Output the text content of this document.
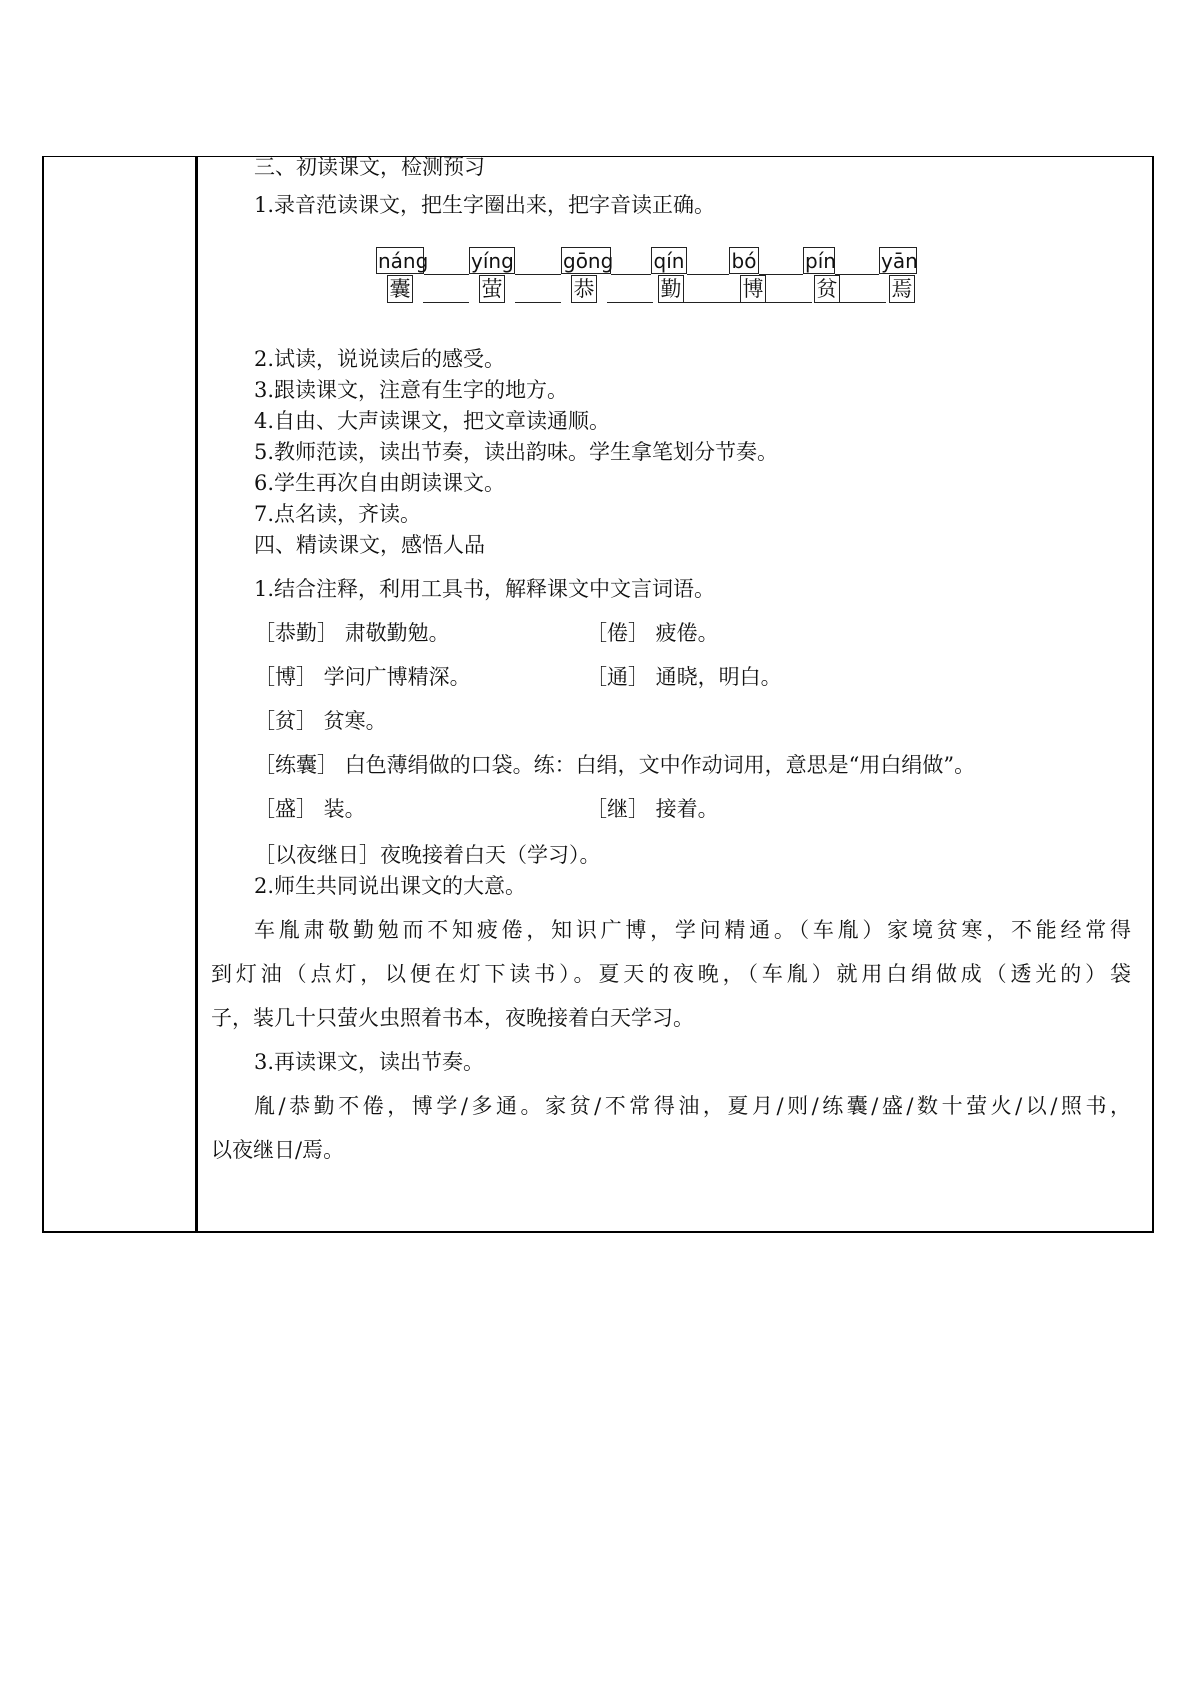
三、初读课文，检测预习
1.录音范读课文，把生字圈出来，把字音读正确。
náng yíng gōng qín bó pín yān
囊	萤	恭	勤	博	贫	焉
2.试读，说说读后的感受。
3.跟读课文，注意有生字的地方。
4.自由、大声读课文，把文章读通顺。
5.教师范读，读出节奏，读出韵味。学生拿笔划分节奏。
6.学生再次自由朗读课文。
7.点名读，齐读。
四、精读课文，感悟人品
1.结合注释，利用工具书，解释课文中文言词语。
［恭勤］ 肃敬勤勉。	［倦］ 疲倦。
［博］ 学问广博精深。	［通］ 通晓，明白。
［贫］ 贫寒。
［练囊］ 白色薄绢做的口袋。练：白绢，文中作动词用，意思是“用白绢做”。
［盛］ 装。	［继］ 接着。
［以夜继日］夜晚接着白天（学习）。
2.师生共同说出课文的大意。
车胤肃敬勤勉而不知疲倦，知识广博，学问精通。（车胤）家境贫寒，不能经常得
到灯油（点灯，以便在灯下读书）。夏天的夜晚，（车胤）就用白绢做成（透光的）袋
子，装几十只萤火虫照着书本，夜晚接着白天学习。
3.再读课文，读出节奏。
胤/恭勤不倦，博学/多通。家贫/不常得油，夏月/则/练囊/盛/数十萤火/以/照书，
以夜继日/焉。
